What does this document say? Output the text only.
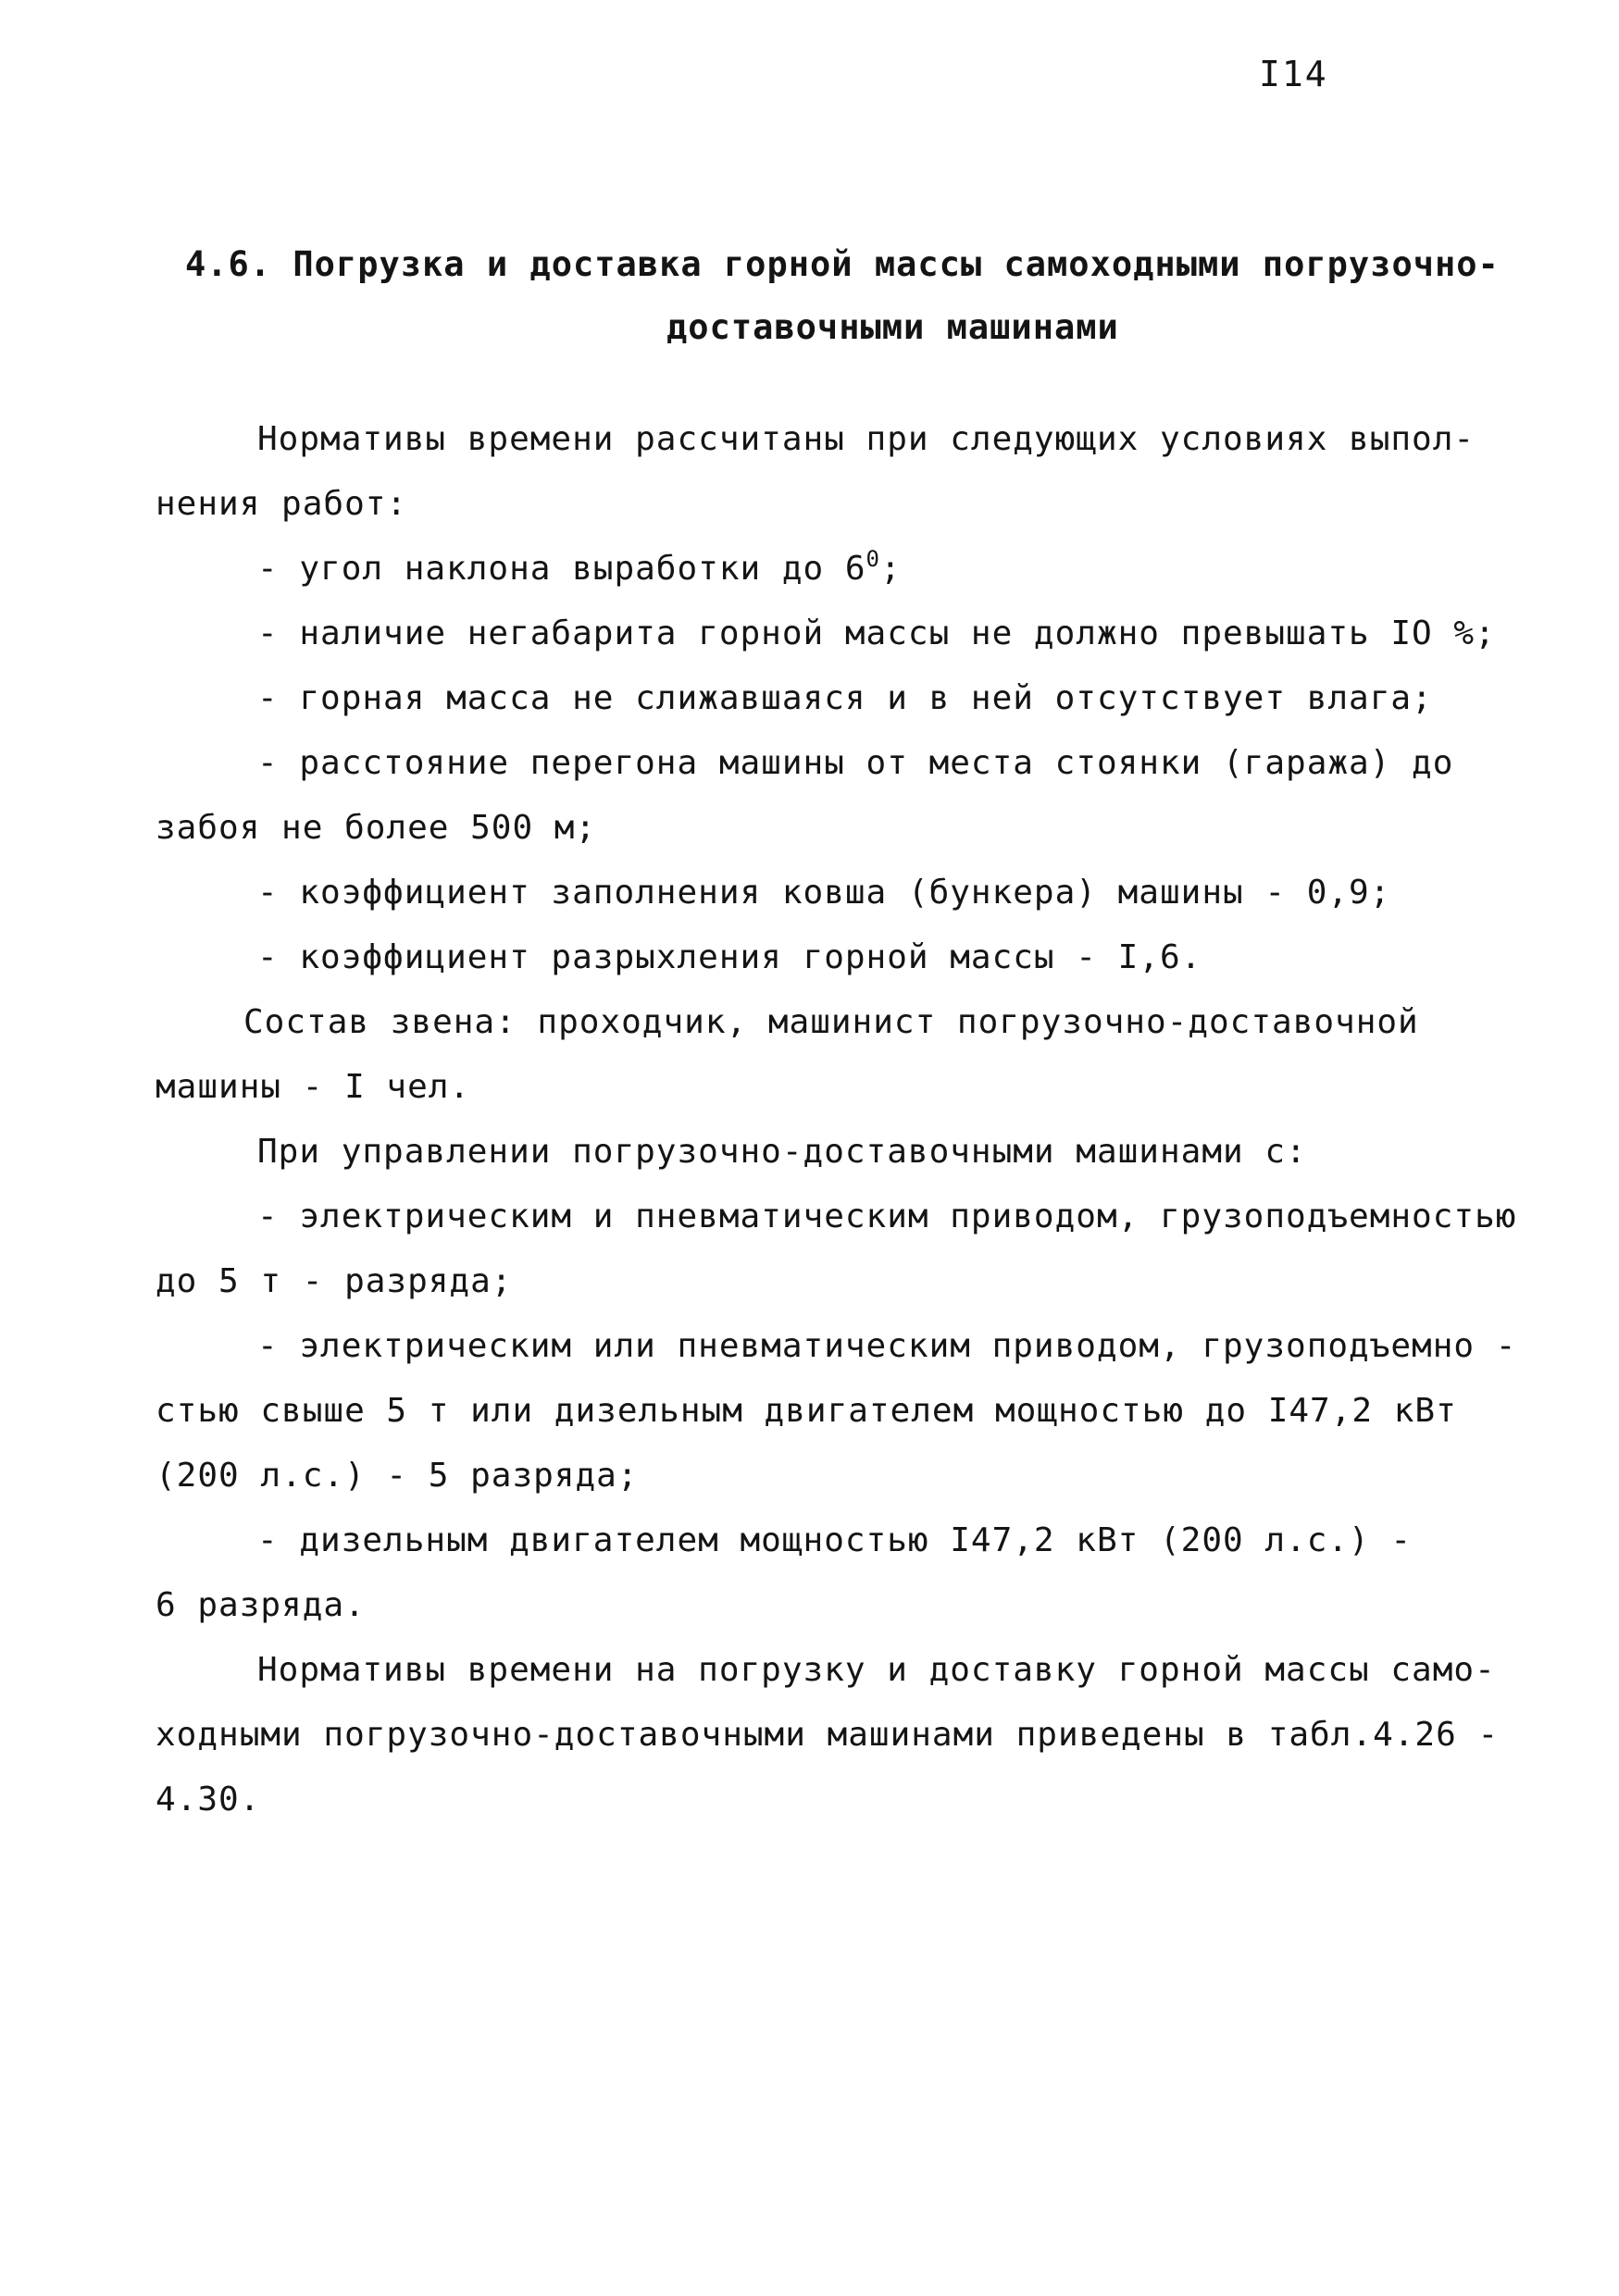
I14
4.6. Погрузка и доставка горной массы самоходными погрузочно-
доставочными машинами
Нормативы времени рассчитаны при следующих условиях выпол-
нения работ:
- угол наклона выработки до $6^0$;
- наличие негабарита горной массы не должно превышать IO %;
- горная масса не слижавшаяся и в ней отсутствует влага;
- расстояние перегона машины от места стоянки (гаража) до
забоя не более 500 м;
- коэффициент заполнения ковша (бункера) машины - 0,9;
- коэффициент разрыхления горной массы - I,6.
Состав звена: проходчик, машинист погрузочно-доставочной
машины - I чел.
При управлении погрузочно-доставочными машинами с:
- электрическим и пневматическим приводом, грузоподъемностью
до 5 т - разряда;
- электрическим или пневматическим приводом, грузоподъемно -
стью свыше 5 т или дизельным двигателем мощностью до I47,2 кВт
(200 л.с.) - 5 разряда;
- дизельным двигателем мощностью I47,2 кВт (200 л.с.) -
6 разряда.
Нормативы времени на погрузку и доставку горной массы само-
ходными погрузочно-доставочными машинами приведены в табл.4.26 -
4.30.
